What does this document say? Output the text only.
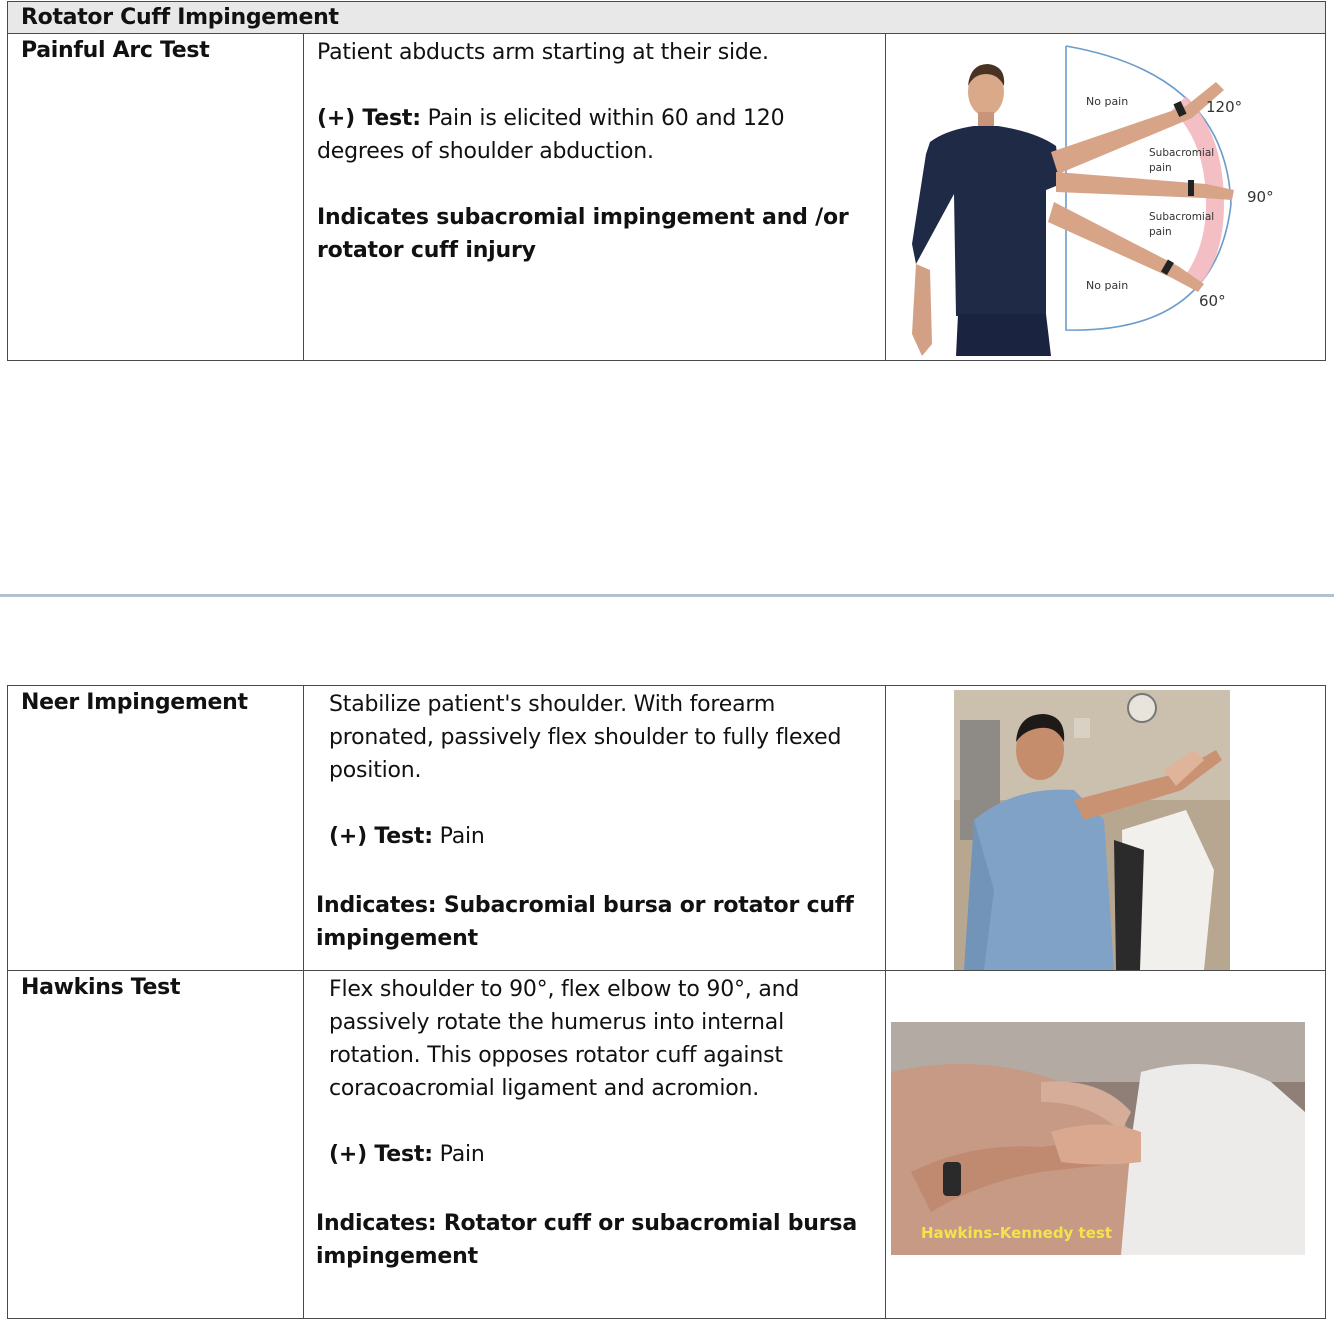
Rotator Cuff Impingement
Painful Arc Test	Patient abducts arm starting at their side.

(+) Test: Pain is elicited within 60 and 120 degrees of shoulder abduction.

Indicates subacromial impingement and /or rotator cuff injury

No pain
Subacromial
pain
Subacromial
pain
No pain
120°
90°
60°
Neer Impingement	Stabilize patient's shoulder. With forearm pronated, passively flex shoulder to fully flexed position.

(+) Test: Pain

Indicates: Subacromial bursa or rotator cuff impingement

Hawkins Test	Flex shoulder to 90°, flex elbow to 90°, and passively rotate the humerus into internal rotation. This opposes rotator cuff against coracoacromial ligament and acromion.

(+) Test: Pain

Indicates: Rotator cuff or subacromial bursa impingement	Hawkins–Kennedy test
